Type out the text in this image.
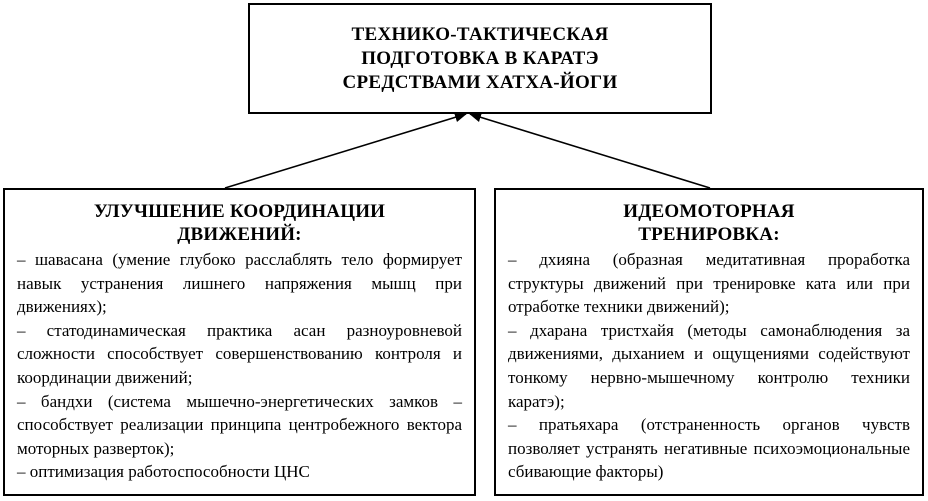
ТЕХНИКО-ТАКТИЧЕСКАЯ
ПОДГОТОВКА В КАРАТЭ
СРЕДСТВАМИ ХАТХА-ЙОГИ
УЛУЧШЕНИЕ КООРДИНАЦИИ
ДВИЖЕНИЙ:
– шавасана (умение глубоко расслаблять тело формирует навык устранения лишнего напряжения мышц при движениях);
– статодинамическая практика асан разноуровневой сложности способствует совершенствованию контроля и координации движений;
– бандхи (система мышечно-энергетических замков – способствует реализации принципа центробежного вектора моторных разверток);
– оптимизация работоспособности ЦНС
ИДЕОМОТОРНАЯ
ТРЕНИРОВКА:
– дхияна (образная медитативная проработка структуры движений при тренировке ката или при отработке техники движений);
– дхарана тристхайя (методы самонаблюдения за движениями, дыханием и ощущениями содействуют тонкому нервно-мышечному контролю техники каратэ);
– пратьяхара (отстраненность органов чувств позволяет устранять негативные психоэмоциональные сбивающие факторы)
